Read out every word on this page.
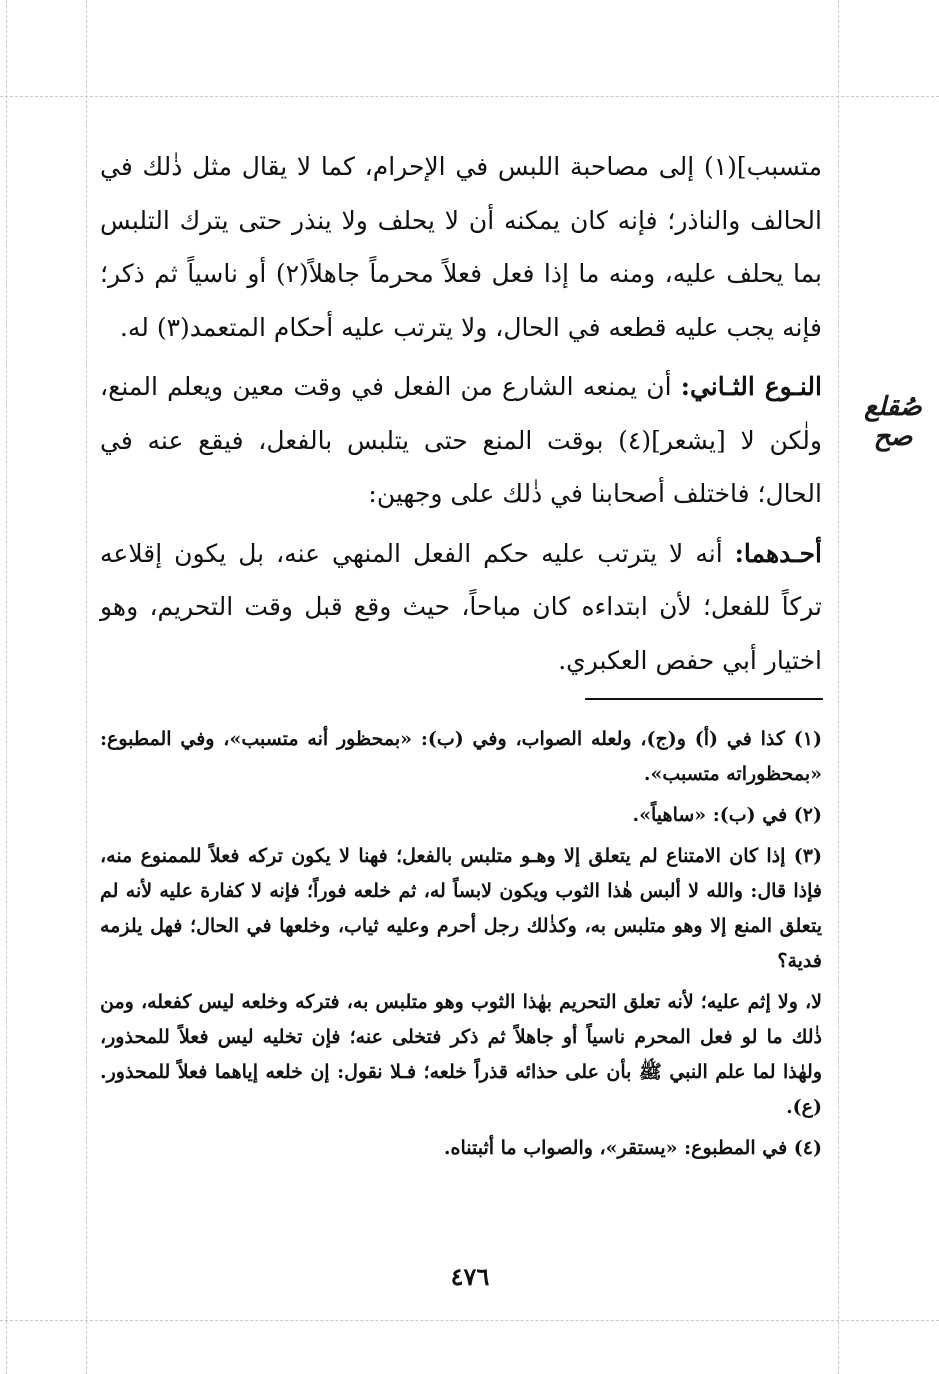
متسبب](١) إلى مصاحبة اللبس في الإحرام، كما لا يقال مثل ذٰلك في الحالف والناذر؛ فإنه كان يمكنه أن لا يحلف ولا ينذر حتى يترك التلبس بما يحلف عليه، ومنه ما إذا فعل فعلاً محرماً جاهلاً(٢) أو ناسياً ثم ذكر؛ فإنه يجب عليه قطعه في الحال، ولا يترتب عليه أحكام المتعمد(٣) له.

النـوع الثـاني: أن يمنعه الشارع من الفعل في وقت معين ويعلم المنع، ولٰكن لا [يشعر](٤) بوقت المنع حتى يتلبس بالفعل، فيقع عنه في الحال؛ فاختلف أصحابنا في ذٰلك على وجهين:

أحـدهما: أنه لا يترتب عليه حكم الفعل المنهي عنه، بل يكون إقلاعه تركاً للفعل؛ لأن ابتداءه كان مباحاً، حيث وقع قبل وقت التحريم، وهو اختيار أبي حفص العكبري.

صُقلع
صح

(١) كذا في (أ) و(ج)، ولعله الصواب، وفي (ب): «بمحظور أنه متسبب»، وفي المطبوع: «بمحظوراته متسبب».

(٢) في (ب): «ساهياً».

(٣) إذا كان الامتناع لم يتعلق إلا وهـو متلبس بالفعل؛ فهنا لا يكون تركه فعلاً للممنوع منه، فإذا قال: والله لا ألبس هٰذا الثوب ويكون لابساً له، ثم خلعه فوراً؛ فإنه لا كفارة عليه لأنه لم يتعلق المنع إلا وهو متلبس به، وكذٰلك رجل أحرم وعليه ثياب، وخلعها في الحال؛ فهل يلزمه فدية؟

لا، ولا إثم عليه؛ لأنه تعلق التحريم بهٰذا الثوب وهو متلبس به، فتركه وخلعه ليس كفعله، ومن ذٰلك ما لو فعل المحرم ناسياً أو جاهلاً ثم ذكر فتخلى عنه؛ فإن تخليه ليس فعلاً للمحذور، ولهٰذا لما علم النبي ﷺ بأن على حذائه قذراً خلعه؛ فـلا نقول: إن خلعه إياهما فعلاً للمحذور. (ع).

(٤) في المطبوع: «يستقر»، والصواب ما أثبتناه.

٤٧٦
